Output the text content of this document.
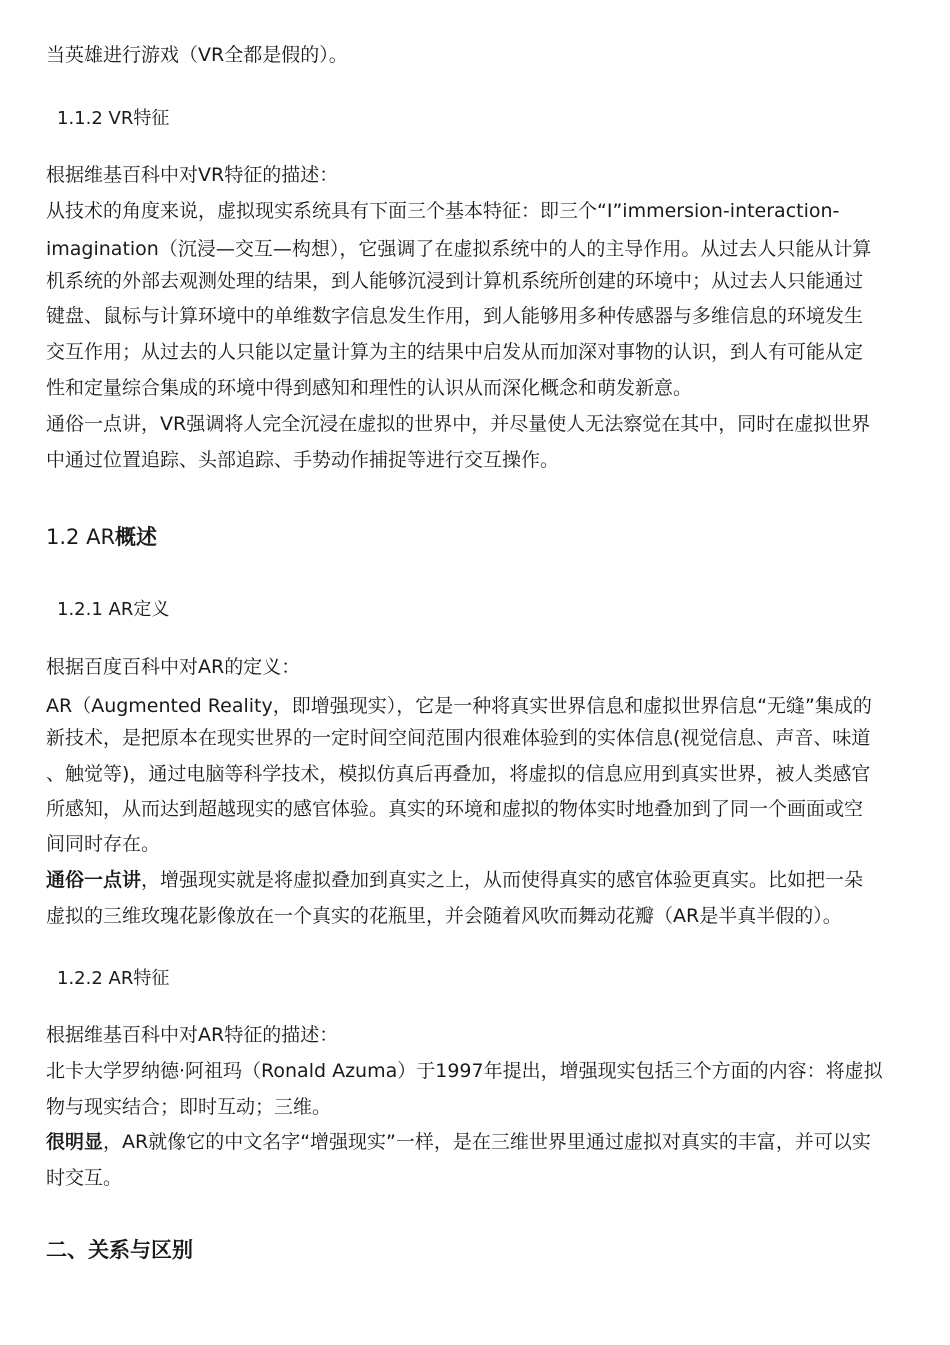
当英雄进行游戏（VR全都是假的）。

1.1.2 VR特征

根据维基百科中对VR特征的描述：

从技术的角度来说，虚拟现实系统具有下面三个基本特征：即三个“I”immersion-interaction-

imagination（沉浸—交互—构想），它强调了在虚拟系统中的人的主导作用。从过去人只能从计算

机系统的外部去观测处理的结果，到人能够沉浸到计算机系统所创建的环境中；从过去人只能通过

键盘、鼠标与计算环境中的单维数字信息发生作用，到人能够用多种传感器与多维信息的环境发生

交互作用；从过去的人只能以定量计算为主的结果中启发从而加深对事物的认识，到人有可能从定

性和定量综合集成的环境中得到感知和理性的认识从而深化概念和萌发新意。

通俗一点讲，VR强调将人完全沉浸在虚拟的世界中，并尽量使人无法察觉在其中，同时在虚拟世界

中通过位置追踪、头部追踪、手势动作捕捉等进行交互操作。

1.2 AR概述

1.2.1 AR定义

根据百度百科中对AR的定义：

AR（Augmented Reality，即增强现实），它是一种将真实世界信息和虚拟世界信息“无缝”集成的

新技术，是把原本在现实世界的一定时间空间范围内很难体验到的实体信息(视觉信息、声音、味道

、触觉等)，通过电脑等科学技术，模拟仿真后再叠加，将虚拟的信息应用到真实世界，被人类感官

所感知，从而达到超越现实的感官体验。真实的环境和虚拟的物体实时地叠加到了同一个画面或空

间同时存在。

通俗一点讲，增强现实就是将虚拟叠加到真实之上，从而使得真实的感官体验更真实。比如把一朵

虚拟的三维玫瑰花影像放在一个真实的花瓶里，并会随着风吹而舞动花瓣（AR是半真半假的）。

1.2.2 AR特征

根据维基百科中对AR特征的描述：

北卡大学罗纳德·阿祖玛（Ronald Azuma）于1997年提出，增强现实包括三个方面的内容：将虚拟

物与现实结合；即时互动；三维。

很明显，AR就像它的中文名字“增强现实”一样，是在三维世界里通过虚拟对真实的丰富，并可以实

时交互。

二、关系与区别
